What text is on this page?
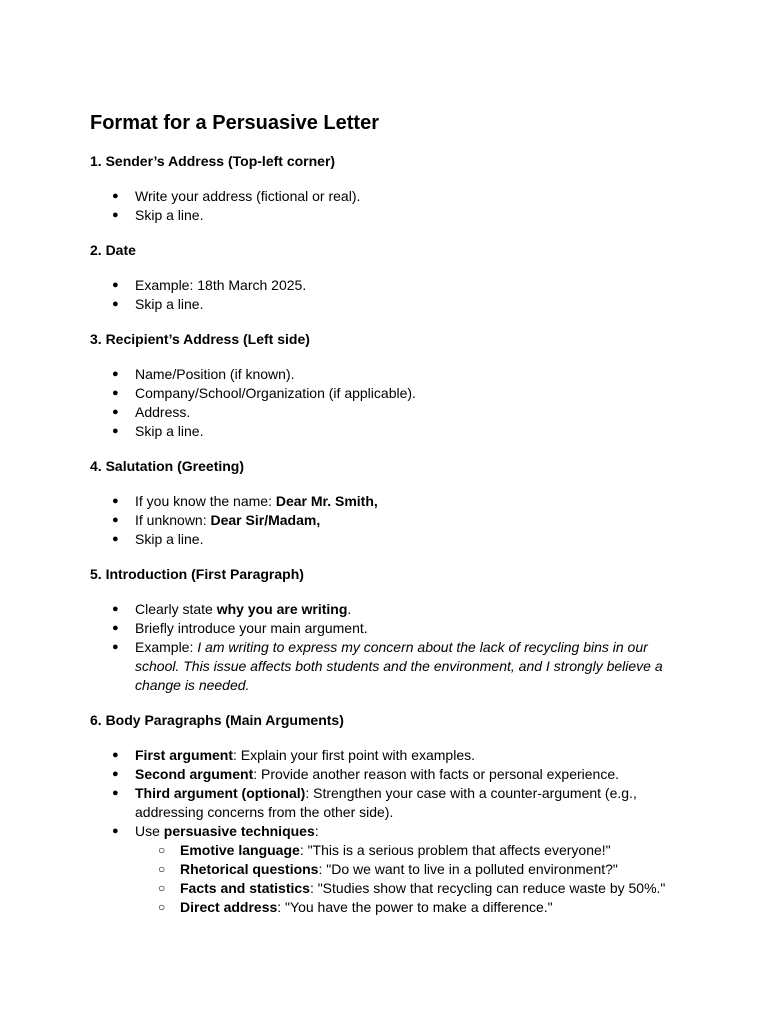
Format for a Persuasive Letter
1. Sender’s Address (Top-left corner)
● Write your address (fictional or real).
● Skip a line.
2. Date
● Example: 18th March 2025.
● Skip a line.
3. Recipient’s Address (Left side)
● Name/Position (if known).
● Company/School/Organization (if applicable).
● Address.
● Skip a line.
4. Salutation (Greeting)
● If you know the name: Dear Mr. Smith,
● If unknown: Dear Sir/Madam,
● Skip a line.
5. Introduction (First Paragraph)
● Clearly state why you are writing.
● Briefly introduce your main argument.
● Example: I am writing to express my concern about the lack of recycling bins in our school. This issue affects both students and the environment, and I strongly believe a change is needed.
6. Body Paragraphs (Main Arguments)
● First argument: Explain your first point with examples.
● Second argument: Provide another reason with facts or personal experience.
● Third argument (optional): Strengthen your case with a counter-argument (e.g., addressing concerns from the other side).
● Use persuasive techniques:
○ Emotive language: "This is a serious problem that affects everyone!"
○ Rhetorical questions: "Do we want to live in a polluted environment?"
○ Facts and statistics: "Studies show that recycling can reduce waste by 50%."
○ Direct address: "You have the power to make a difference."
